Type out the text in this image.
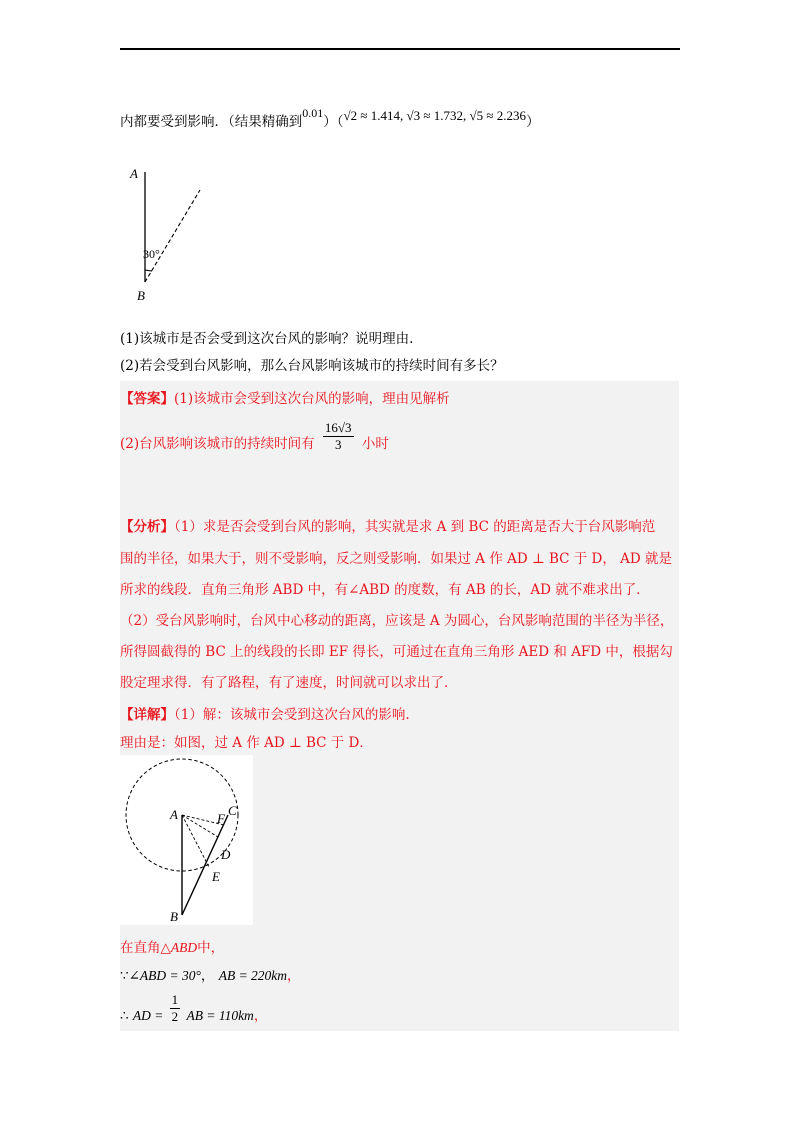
内都要受到影响．（结果精确到0.01）（√2 ≈ 1.414, √3 ≈ 1.732, √5 ≈ 2.236）
A
B
30°
(1)该城市是否会受到这次台风的影响？说明理由.
(2)若会受到台风影响，那么台风影响该城市的持续时间有多长？
【答案】(1)该城市会受到这次台风的影响，理由见解析
(2)台风影响该城市的持续时间有 $\frac{16√3}{3}$ 小时
【分析】（1）求是否会受到台风的影响，其实就是求 A 到 BC 的距离是否大于台风影响范
围的半径，如果大于，则不受影响，反之则受影响．如果过 A 作 AD ⊥ BC 于 D， AD 就是
所求的线段．直角三角形 ABD 中，有∠ABD 的度数，有 AB 的长，AD 就不难求出了．
（2）受台风影响时，台风中心移动的距离，应该是 A 为圆心，台风影响范围的半径为半径，
所得圆截得的 BC 上的线段的长即 EF 得长，可通过在直角三角形 AED 和 AFD 中，根据勾
股定理求得．有了路程，有了速度，时间就可以求出了．
【详解】（1）解：该城市会受到这次台风的影响.
理由是：如图，过 A 作 AD ⊥ BC 于 D．
A
B
C
D
E
F
在直角△ABD中，
∵∠ABD = 30°， AB = 220km，
∴ AD = $\frac{1}{2}$ AB = 110km，
